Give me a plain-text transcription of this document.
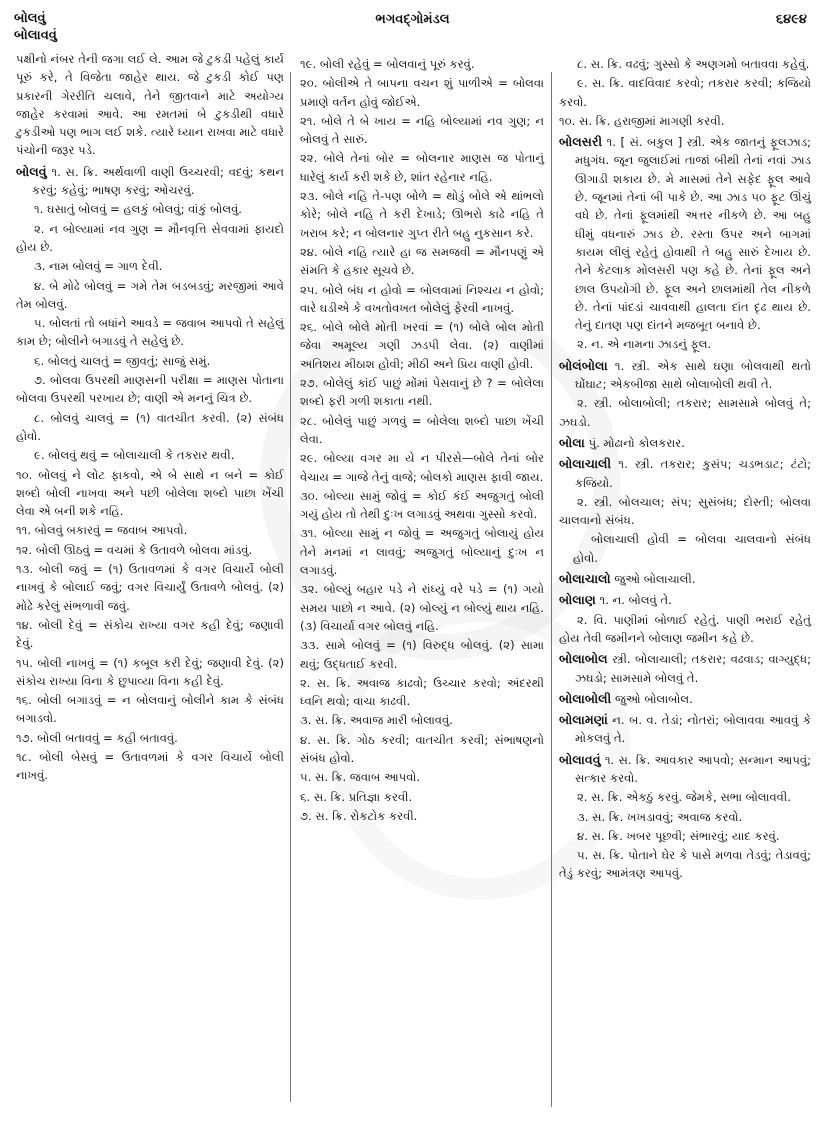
બોલવું
બોલાવવું
ભગવદ્ગોમંડલ	૬૪૯૪

પક્ષીનો નંબર તેની જગા લઈ લે. આમ જે ટુકડી પહેલું કાર્ય પૂરું કરે, તે વિજેતા જાહેર થાય. જે ટુકડી કોઈ પણ પ્રકારની ગેરરીતિ ચલાવે, તેને જીતવાને માટે અયોગ્ય જાહેર કરવામાં આવે. આ રમતમાં બે ટુકડીથી વધારે ટુકડીઓ પણ ભાગ લઈ શકે. ત્યારે ધ્યાન રાખવા માટે વધારે પંચોની જરૂર પડે.

બોલવું ૧. સ. ક્રિ. અર્થવાળી વાણી ઉચ્ચરવી; વદવું; કથન કરવું; કહેવું; ભાષણ કરવું; ઓચરવું.

૧. ઘસાતું બોલવું = હલકું બોલવું; વાંકું બોલવું.

૨. ન બોલ્યામાં નવ ગુણ = મૌનવૃત્તિ સેવવામાં ફાયદો હોય છે.

૩. નામ બોલવું = ગાળ દેવી.

૪. બે મોઢે બોલવું = ગમે તેમ બડબડવું; મરજીમાં આવે તેમ બોલવું.

૫. બોલતાં તો બધાંને આવડે = જવાબ આપવો તે સહેલું કામ છે; બોલીને બગાડવું તે સહેલું છે.

૬. બોલતું ચાલતું = જીવતું; સાજું સમું.

૭. બોલવા ઉપરથી માણસની પરીક્ષા = માણસ પોતાના બોલવા ઉપરથી પરખાય છે; વાણી એ મનનું ચિત્ર છે.

૮. બોલવું ચાલવું = (૧) વાતચીત કરવી. (૨) સંબંધ હોવો.

૯. બોલવું થવું = બોલાચાલી કે તકરાર થવી.

૧૦. બોલવું ને લોટ ફાકવો, એ બે સાથે ન બને = કોઈ શબ્દો બોલી નાખવા અને પછી બોલેલા શબ્દો પાછા ખેંચી લેવા એ બની શકે નહિ.

૧૧. બોલવું બકારવું = જવાબ આપવો.

૧૨. બોલી ઊઠવું = વચમાં કે ઉતાવળે બોલવા માંડવું.

૧૩. બોલી જવું = (૧) ઉતાવળમાં કે વગર વિચાર્યે બોલી નાખવું કે બોલાઈ જવું; વગર વિચાર્યું ઉતાવળે બોલવું. (૨) મોઢે કરેલું સંભળાવી જવું.

૧૪. બોલી દેવું = સંકોચ રાખ્યા વગર કહી દેવું; જણાવી દેવું.

૧૫. બોલી નાખવું = (૧) કબૂલ કરી દેવું; જણાવી દેવું. (૨) સંકોચ રાખ્યા વિના કે છુપાવ્યા વિના કહી દેવું.

૧૬. બોલી બગાડવું = ન બોલવાનું બોલીને કામ કે સંબંધ બગાડવો.

૧૭. બોલી બતાવવું = કહી બતાવવું.

૧૮. બોલી બેસવું = ઉતાવળમાં કે વગર વિચાર્યે બોલી નાખવું.

૧૯. બોલી રહેવું = બોલવાનું પૂરું કરવું.

૨૦. બોલીએ તે બાપના વચન શું પાળીએ = બોલવા પ્રમાણે વર્તન હોવું જોઈએ.

૨૧. બોલે તે બે ખાય = નહિ બોલ્યામાં નવ ગુણ; ન બોલવું તે સારું.

૨૨. બોલે તેનાં બોર = બોલનાર માણસ જ પોતાનું ધારેલું કાર્ય કરી શકે છે, શાંત રહેનાર નહિ.

૨૩. બોલે નહિ તે-પણ બોળે = થોડું બોલે એ થાંભલો કોરે; બોલે નહિ તે કરી દેખાડે; ઊભરો કાઢે નહિ તે ખરાબ કરે; ન બોલનાર ગુપ્ત રીતે બહુ નુકસાન કરે.

૨૪. બોલે નહિ ત્યારે હા જ સમજવી = મૌનપણું એ સંમતિ કે હકાર સૂચવે છે.

૨૫. બોલે બંધ ન હોવો = બોલવામાં નિશ્ચય ન હોવો; વારે ઘડીએ કે વખતોવખત બોલેલું ફેરવી નાખવું.

૨૬. બોલે બોલે મોતી ખરવાં = (૧) બોલે બોલ મોતી જેવા અમૂલ્ય ગણી ઝડપી લેવા. (૨) વાણીમાં અતિશય મીઠાશ હોવી; મીઠી અને પ્રિય વાણી હોવી.

૨૭. બોલેલું કાંઈ પાછું મોંમાં પેસવાનું છે ? = બોલેલા શબ્દો ફરી ગળી શકાતા નથી.

૨૮. બોલેલું પાછું ગળવું = બોલેલા શબ્દો પાછા ખેંચી લેવા.

૨૯. બોલ્યા વગર મા યે ન પીરસે—બોલે તેનાં બોર વેચાય = ગાજે તેનું વાજે; બોલકો માણસ ફાવી જાય.

૩૦. બોલ્યા સામું જોવું = કોઈ કંઈ અજુગતું બોલી ગયું હોય તો તેથી દુઃખ લગાડવું અથવા ગુસ્સો કરવો.

૩૧. બોલ્યા સામું ન જોવું = અજુગતું બોલાયું હોય તેને મનમાં ન લાવવું; અજુગતું બોલ્યાનું દુઃખ ન લગાડવું.

૩૨. બોલ્યું બહાર પડે ને રાંધ્યું વરે પડે = (૧) ગયો સમય પાછો ન આવે. (૨) બોલ્યું ન બોલ્યું થાય નહિ. (૩) વિચાર્યા વગર બોલવું નહિ.

૩૩. સામે બોલવું = (૧) વિરુદ્ધ બોલવું. (૨) સામા થવું; ઉદ્ધતાઈ કરવી.

૨. સ. ક્રિ. અવાજ કાઢવો; ઉચ્ચાર કરવો; અંદરથી ધ્વનિ થવો; વાચા કાઢવી.

૩. સ. ક્રિ. અવાજ મારી બોલાવવું.

૪. સ. ક્રિ. ગોઠ કરવી; વાતચીત કરવી; સંભાષણનો સંબંધ હોવો.

૫. સ. ક્રિ. જવાબ આપવો.

૬. સ. ક્રિ. પ્રતિજ્ઞા કરવી.

૭. સ. ક્રિ. રોકટોક કરવી.

૮. સ. ક્રિ. વઢવું; ગુસ્સો કે અણગમો બતાવવા કહેવું.

૯. સ. ક્રિ. વાદવિવાદ કરવો; તકરાર કરવી; કજિયો કરવો.

૧૦. સ. ક્રિ. હરાજીમાં માગણી કરવી.

બોલસરી ૧. [ સં. બકુલ ] સ્ત્રી. એક જાતનું ફૂલઝાડ; મધુગંધ. જૂન જુલાઈમાં તાજાં બીથી તેનાં નવાં ઝાડ ઊગાડી શકાય છે. મે માસમાં તેને સફેદ ફૂલ આવે છે. જૂનમાં તેનાં બી પાકે છે. આ ઝાડ ૫૦ ફૂટ ઊંચું વધે છે. તેનાં ફૂલમાંથી અત્તર નીકળે છે. આ બહુ ધીમું વધનારું ઝાડ છે. રસ્તા ઉપર અને બાગમાં કાયમ લીલું રહેતું હોવાથી તે બહુ સારું દેખાય છે. તેને કેટલાક મોલસરી પણ કહે છે. તેનાં ફૂલ અને છાલ ઉપયોગી છે. ફૂલ અને છાલમાંથી તેલ નીકળે છે. તેનાં પાંદડાં ચાવવાથી હાલતા દાંત દૃઢ થાય છે. તેનું દાતણ પણ દાંતને મજબૂત બનાવે છે.

૨. ન. એ નામના ઝાડનું ફૂલ.

બોલંબોલા ૧. સ્ત્રી. એક સાથે ઘણા બોલવાથી થતો ઘોંઘાટ; એકબીજા સાથે બોલાબોલી થવી તે.

૨. સ્ત્રી. બોલાબોલી; તકરાર; સામસામે બોલવું તે; ઝઘડો.

બોલા પું. મોઢાનો કોલકરાર.

બોલાચાલી ૧. સ્ત્રી. તકરાર; કુસંપ; ચડભડાટ; ટંટો; કજિયો.

૨. સ્ત્રી. બોલચાલ; સંપ; સુસંબંધ; દોસ્તી; બોલવા ચાલવાનો સંબંધ.

બોલાચાલી હોવી = બોલવા ચાલવાનો સંબંધ હોવો.

બોલાચાલો જુઓ બોલાચાલી.

બોલાણ ૧. ન. બોલવું તે.

૨. વિ. પાણીમાં બોળાઈ રહેતું. પાણી ભરાઈ રહેતું હોય તેવી જમીનને બોલાણ જમીન કહે છે.

બોલાબોલ સ્ત્રી. બોલાચાલી; તકરાર; વઢવાડ; વાગ્યુદ્ધ; ઝઘડો; સામસામે બોલવું તે.

બોલાબોલી જુઓ બોલાબોલ.

બોલામણાં ન. બ. વ. તેડાં; નોતરાં; બોલાવવા આવવું કે મોકલવું તે.

બોલાવવું ૧. સ. ક્રિ. આવકાર આપવો; સન્માન આપવું; સત્કાર કરવો.

૨. સ. ક્રિ. એકઠું કરવું. જેમકે, સભા બોલાવવી.

૩. સ. ક્રિ. ખખડાવવું; અવાજ કરવો.

૪. સ. ક્રિ. ખબર પૂછવી; સંભારવું; યાદ કરવું.

૫. સ. ક્રિ. પોતાને ઘેર કે પાસે મળવા તેડવું; તેડાવવું; તેડું કરવું; આમંત્રણ આપવું.
